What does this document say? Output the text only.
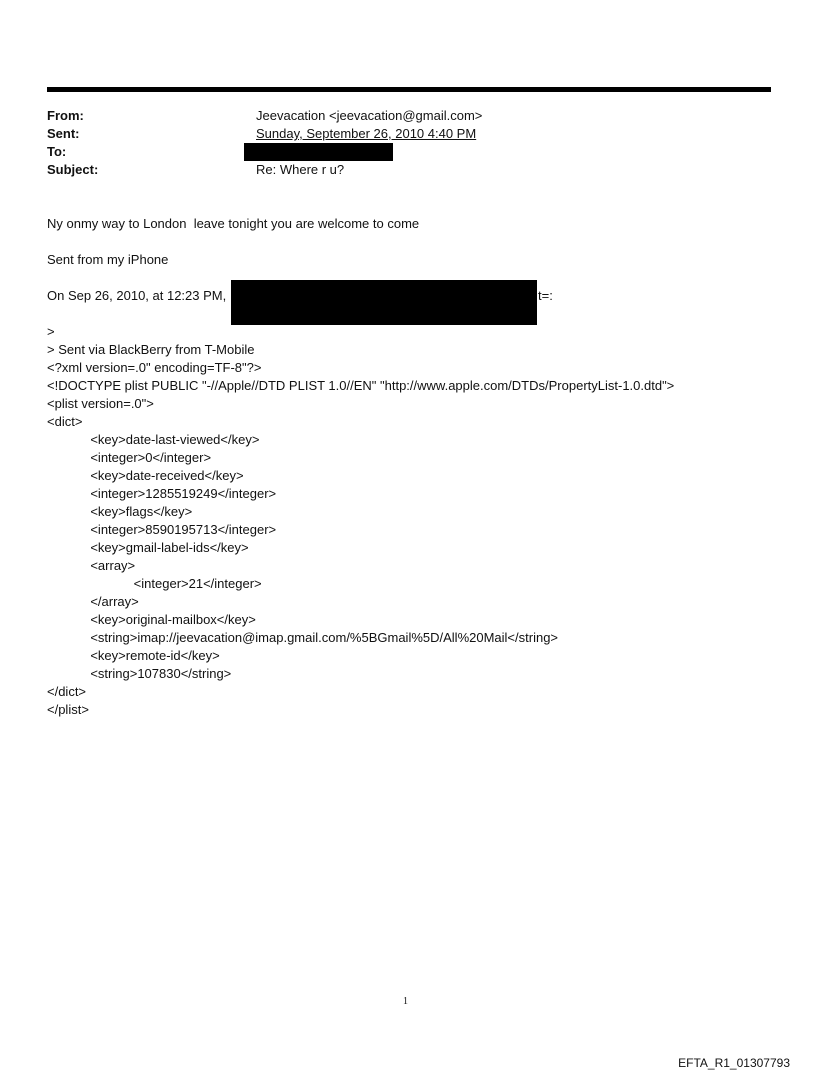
From:	Jeevacation <jeevacation@gmail.com>
Sent:	Sunday, September 26, 2010 4:40 PM
To:
Subject:	Re: Where r u?
Ny onmy way to London  leave tonight you are welcome to come
Sent from my iPhone
On Sep 26, 2010, at 12:23 PM,	t=:
>
> Sent via BlackBerry from T-Mobile
<?xml version=.0" encoding=TF-8"?>
<!DOCTYPE plist PUBLIC "-//Apple//DTD PLIST 1.0//EN" "http://www.apple.com/DTDs/PropertyList-1.0.dtd">
<plist version=.0">
<dict>
<key>date-last-viewed</key>
<integer>0</integer>
<key>date-received</key>
<integer>1285519249</integer>
<key>flags</key>
<integer>8590195713</integer>
<key>gmail-label-ids</key>
<array>
<integer>21</integer>
</array>
<key>original-mailbox</key>
<string>imap://jeevacation@imap.gmail.com/%5BGmail%5D/All%20Mail</string>
<key>remote-id</key>
<string>107830</string>
</dict>
</plist>
1
EFTA_R1_01307793
